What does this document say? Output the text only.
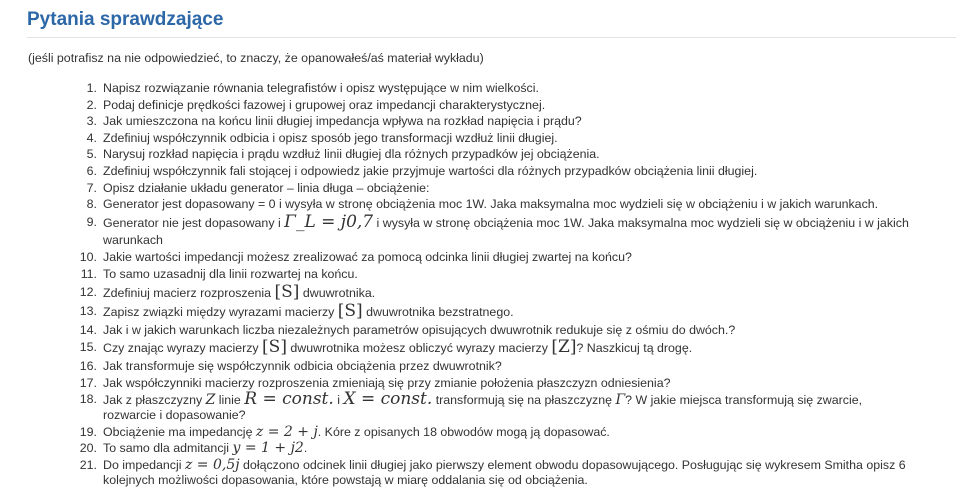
Pytania sprawdzające
(jeśli potrafisz na nie odpowiedzieć, to znaczy, że opanowałeś/aś materiał wykładu)
1. Napisz rozwiązanie równania telegrafistów i opisz występujące w nim wielkości.
2. Podaj definicje prędkości fazowej i grupowej oraz impedancji charakterystycznej.
3. Jak umieszczona na końcu linii długiej impedancja wpływa na rozkład napięcia i prądu?
4. Zdefiniuj współczynnik odbicia i opisz sposób jego transformacji wzdłuż linii długiej.
5. Narysuj rozkład napięcia i prądu wzdłuż linii długiej dla różnych przypadków jej obciążenia.
6. Zdefiniuj współczynnik fali stojącej i odpowiedz jakie przyjmuje wartości dla różnych przypadków obciążenia linii długiej.
7. Opisz działanie układu generator – linia długa – obciążenie:
8. Generator jest dopasowany = 0 i wysyła w stronę obciążenia moc 1W. Jaka maksymalna moc wydzieli się w obciążeniu i w jakich warunkach.
9. Generator nie jest dopasowany i Γ_L = j0,7 i wysyła w stronę obciążenia moc 1W. Jaka maksymalna moc wydzieli się w obciążeniu i w jakich warunkach
10. Jakie wartości impedancji możesz zrealizować za pomocą odcinka linii długiej zwartej na końcu?
11. To samo uzasadnij dla linii rozwartej na końcu.
12. Zdefiniuj macierz rozproszenia [S] dwuwrotnika.
13. Zapisz związki między wyrazami macierzy [S] dwuwrotnika bezstratnego.
14. Jak i w jakich warunkach liczba niezależnych parametrów opisujących dwuwrotnik redukuje się z ośmiu do dwóch.?
15. Czy znając wyrazy macierzy [S] dwuwrotnika możesz obliczyć wyrazy macierzy [Z]? Naszkicuj tą drogę.
16. Jak transformuje się współczynnik odbicia obciążenia przez dwuwrotnik?
17. Jak współczynniki macierzy rozproszenia zmieniają się przy zmianie położenia płaszczyzn odniesienia?
18. Jak z płaszczyzny Z linie R = const. i X = const. transformują się na płaszczyznę Γ? W jakie miejsca transformują się zwarcie, rozwarcie i dopasowanie?
19. Obciążenie ma impedancję z = 2 + j. Kóre z opisanych 18 obwodów mogą ją dopasować.
20. To samo dla admitancji y = 1 + j2.
21. Do impedancji z = 0,5j dołączono odcinek linii długiej jako pierwszy element obwodu dopasowującego. Posługując się wykresem Smitha opisz 6 kolejnych możliwości dopasowania, które powstają w miarę oddalania się od obciążenia.
